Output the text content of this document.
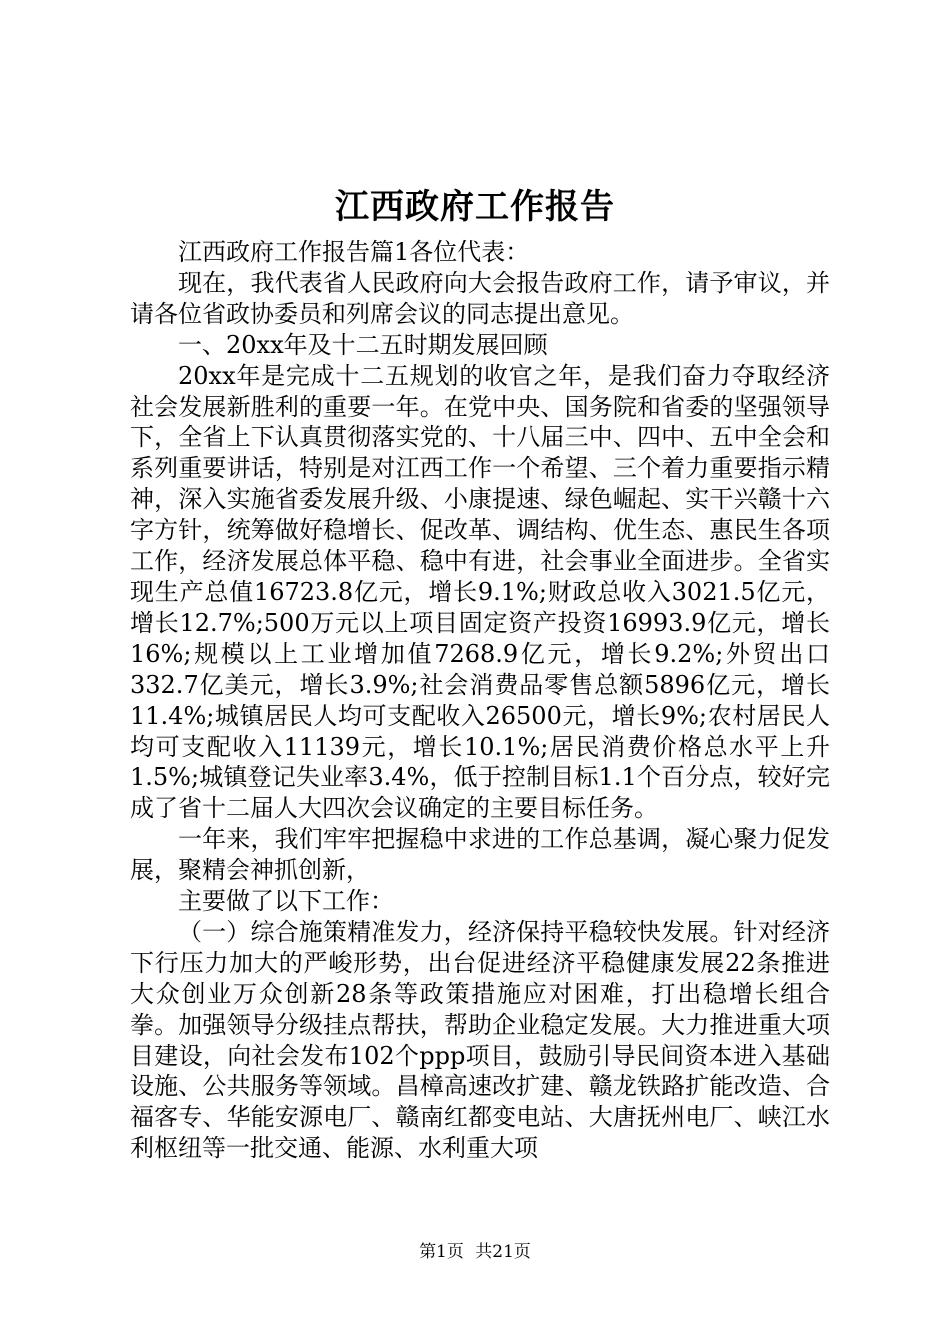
江西政府工作报告

江西政府工作报告篇1各位代表：

现在，我代表省人民政府向大会报告政府工作，请予审议，并请各位省政协委员和列席会议的同志提出意见。

一、20xx年及十二五时期发展回顾

20xx年是完成十二五规划的收官之年，是我们奋力夺取经济社会发展新胜利的重要一年。在党中央、国务院和省委的坚强领导下，全省上下认真贯彻落实党的、十八届三中、四中、五中全会和系列重要讲话，特别是对江西工作一个希望、三个着力重要指示精神，深入实施省委发展升级、小康提速、绿色崛起、实干兴赣十六字方针，统筹做好稳增长、促改革、调结构、优生态、惠民生各项工作，经济发展总体平稳、稳中有进，社会事业全面进步。全省实现生产总值16723.8亿元，增长9.1%;财政总收入3021.5亿元，增长12.7%;500万元以上项目固定资产投资16993.9亿元，增长16%;规模以上工业增加值7268.9亿元，增长9.2%;外贸出口332.7亿美元，增长3.9%;社会消费品零售总额5896亿元，增长11.4%;城镇居民人均可支配收入26500元，增长9%;农村居民人均可支配收入11139元，增长10.1%;居民消费价格总水平上升1.5%;城镇登记失业率3.4%，低于控制目标1.1个百分点，较好完成了省十二届人大四次会议确定的主要目标任务。

一年来，我们牢牢把握稳中求进的工作总基调，凝心聚力促发展，聚精会神抓创新，

主要做了以下工作：

（一）综合施策精准发力，经济保持平稳较快发展。针对经济下行压力加大的严峻形势，出台促进经济平稳健康发展22条推进大众创业万众创新28条等政策措施应对困难，打出稳增长组合拳。加强领导分级挂点帮扶，帮助企业稳定发展。大力推进重大项目建设，向社会发布102个ppp项目，鼓励引导民间资本进入基础设施、公共服务等领域。昌樟高速改扩建、赣龙铁路扩能改造、合福客专、华能安源电厂、赣南红都变电站、大唐抚州电厂、峡江水利枢纽等一批交通、能源、水利重大项

第1页 共21页
